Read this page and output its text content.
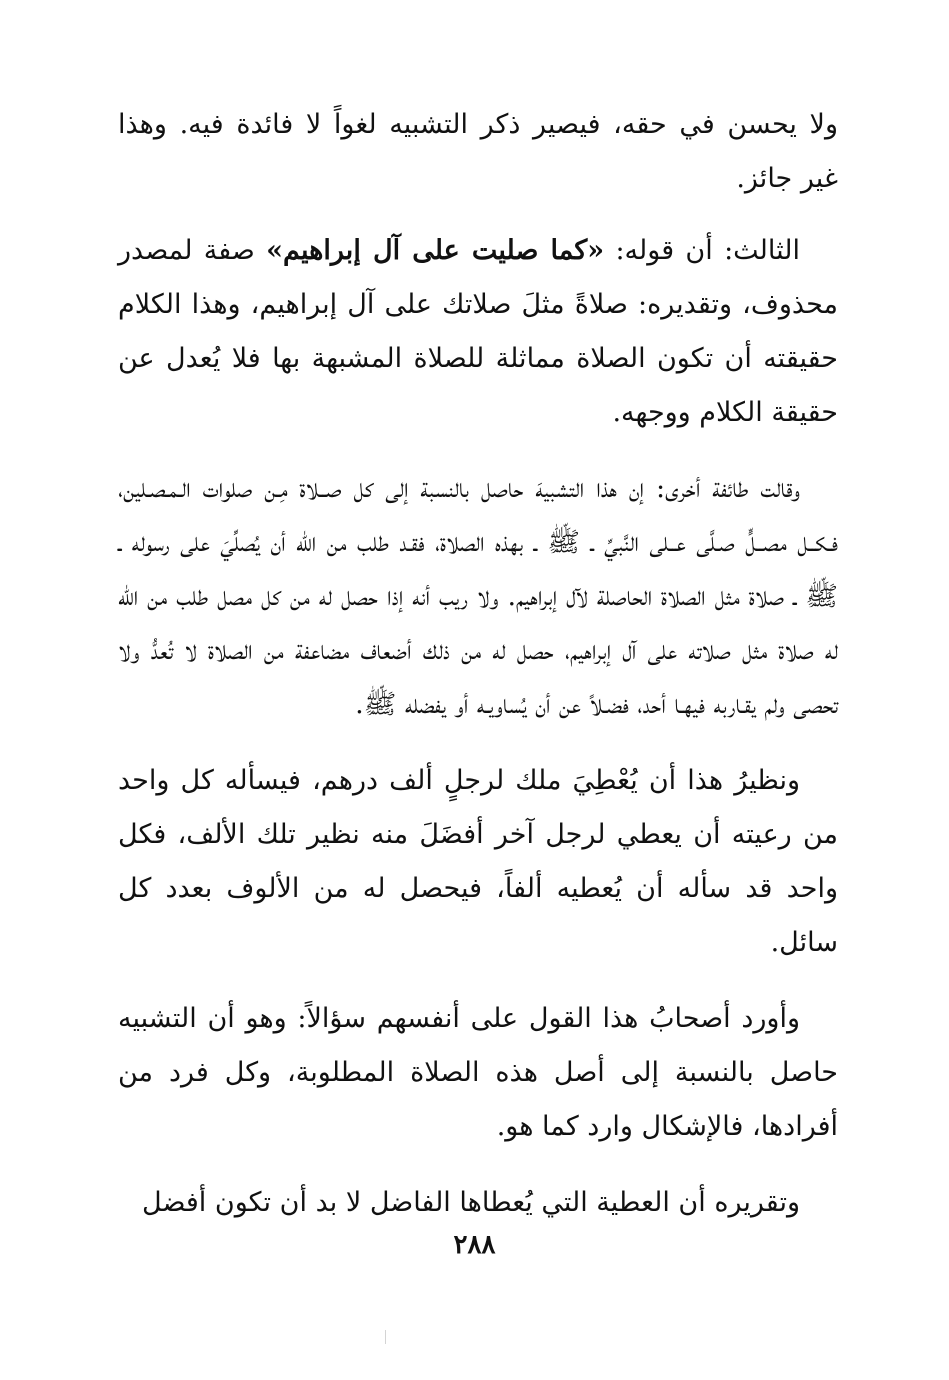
ولا يحسن في حقه، فيصير ذكر التشبيه لغواً لا فائدة فيه. وهذا غير جائز.

الثالث: أن قوله: «كما صليت على آل إبراهيم» صفة لمصدر محذوف، وتقديره: صلاةً مثلَ صلاتك على آل إبراهيم، وهذا الكلام حقيقته أن تكون الصلاة مماثلة للصلاة المشبهة بها فلا يُعدل عن حقيقة الكلام ووجهه.

وقالت طائفة أخرى: إن هذا التشبيهَ حاصل بالنسبة إلى كل صــلاة مِـن صلوات الـمـصـلين، فـكــل مصــلٍّ صـلَّى عــلى النَّبيِّ ـ ﷺ ـ بهذه الصلاة، فقـد طلب من الله أن يُصلِّيَ على رسوله ـ ﷺ ـ صلاة مثل الصلاة الحاصلة لآل إبراهيم. ولا ريب أنه إذا حصل له من كل مصل طلب من الله له صلاة مثل صلاته على آل إبراهيم، حصل له من ذلك أضعاف مضاعفة من الصلاة لا تُعدُّ ولا تحصى ولم يقـاربه فيهـا أحد، فضـلاً عن أن يُساويـه أو يفضله ﷺ.

ونظيرُ هذا أن يُعْطِيَ ملك لرجلٍ ألف درهم، فيسأله كل واحد من رعيته أن يعطي لرجل آخر أفضَلَ منه نظير تلك الألف، فكل واحد قد سأله أن يُعطيه ألفاً، فيحصل له من الألوف بعدد كل سائل.

وأورد أصحابُ هذا القول على أنفسهم سؤالاً: وهو أن التشبيه حاصل بالنسبة إلى أصل هذه الصلاة المطلوبة، وكل فرد من أفرادها، فالإشكال وارد كما هو.

وتقريره أن العطية التي يُعطاها الفاضل لا بد أن تكون أفضل

٢٨٨
